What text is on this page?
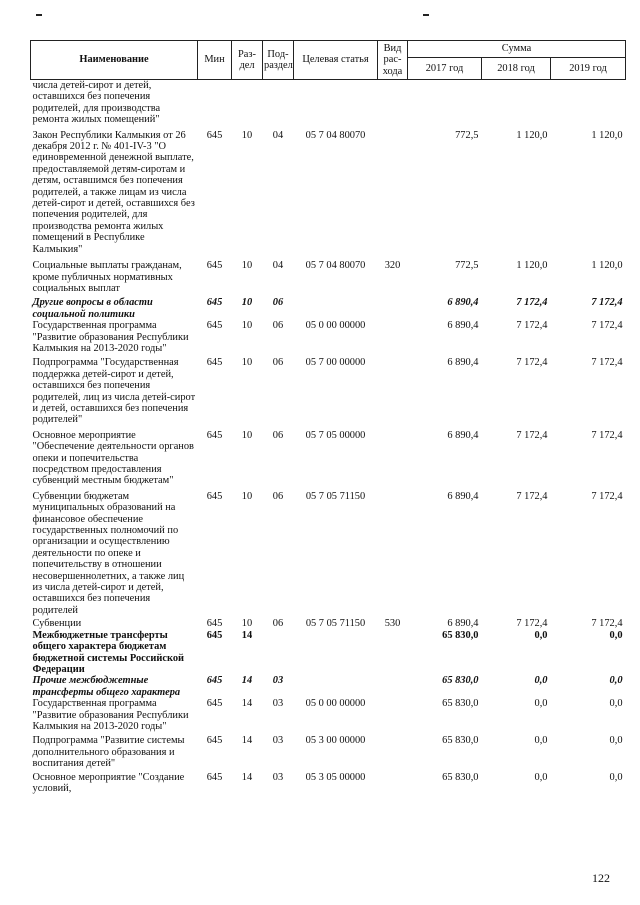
Наименование	Мин	Раз-дел	Под-раздел	Целевая статья	Вид рас-хода	Сумма		
						2017 год	2018 год	2019 год
числа детей-сирот и детей, оставшихся без попечения родителей, для производства ремонта жилых помещений"								
Закон Республики Калмыкия от 26 декабря 2012 г. № 401-IV-3 "О единовременной денежной выплате, предоставляемой детям-сиротам и детям, оставшимся без попечения родителей, а также лицам из числа детей-сирот и детей, оставшихся без попечения родителей, для производства ремонта жилых помещений в Республике Калмыкия"	645	10	04	05 7 04 80070		772,5	1 120,0	1 120,0
Социальные выплаты гражданам, кроме публичных нормативных социальных выплат	645	10	04	05 7 04 80070	320	772,5	1 120,0	1 120,0
Другие вопросы в области социальной политики	645	10	06			6 890,4	7 172,4	7 172,4
Государственная программа "Развитие образования Республики Калмыкия на 2013-2020 годы"	645	10	06	05 0 00 00000		6 890,4	7 172,4	7 172,4
Подпрограмма "Государственная поддержка детей-сирот и детей, оставшихся без попечения родителей, лиц из числа детей-сирот и детей, оставшихся без попечения родителей"	645	10	06	05 7 00 00000		6 890,4	7 172,4	7 172,4
Основное мероприятие "Обеспечение деятельности органов опеки и попечительства посредством предоставления субвенций местным бюджетам"	645	10	06	05 7 05 00000		6 890,4	7 172,4	7 172,4
Субвенции бюджетам муниципальных образований на финансовое обеспечение государственных полномочий по организации и осуществлению деятельности по опеке и попечительству в отношении несовершеннолетних, а также лиц из числа детей-сирот и детей, оставшихся без попечения родителей	645	10	06	05 7 05 71150		6 890,4	7 172,4	7 172,4
Субвенции	645	10	06	05 7 05 71150	530	6 890,4	7 172,4	7 172,4
Межбюджетные трансферты общего характера бюджетам бюджетной системы Российской Федерации	645	14				65 830,0	0,0	0,0
Прочие межбюджетные трансферты общего характера	645	14	03			65 830,0	0,0	0,0
Государственная программа "Развитие образования Республики Калмыкия на 2013-2020 годы"	645	14	03	05 0 00 00000		65 830,0	0,0	0,0
Подпрограмма "Развитие системы дополнительного образования и воспитания детей"	645	14	03	05 3 00 00000		65 830,0	0,0	0,0
Основное мероприятие "Создание условий,	645	14	03	05 3 05 00000		65 830,0	0,0	0,0
122
